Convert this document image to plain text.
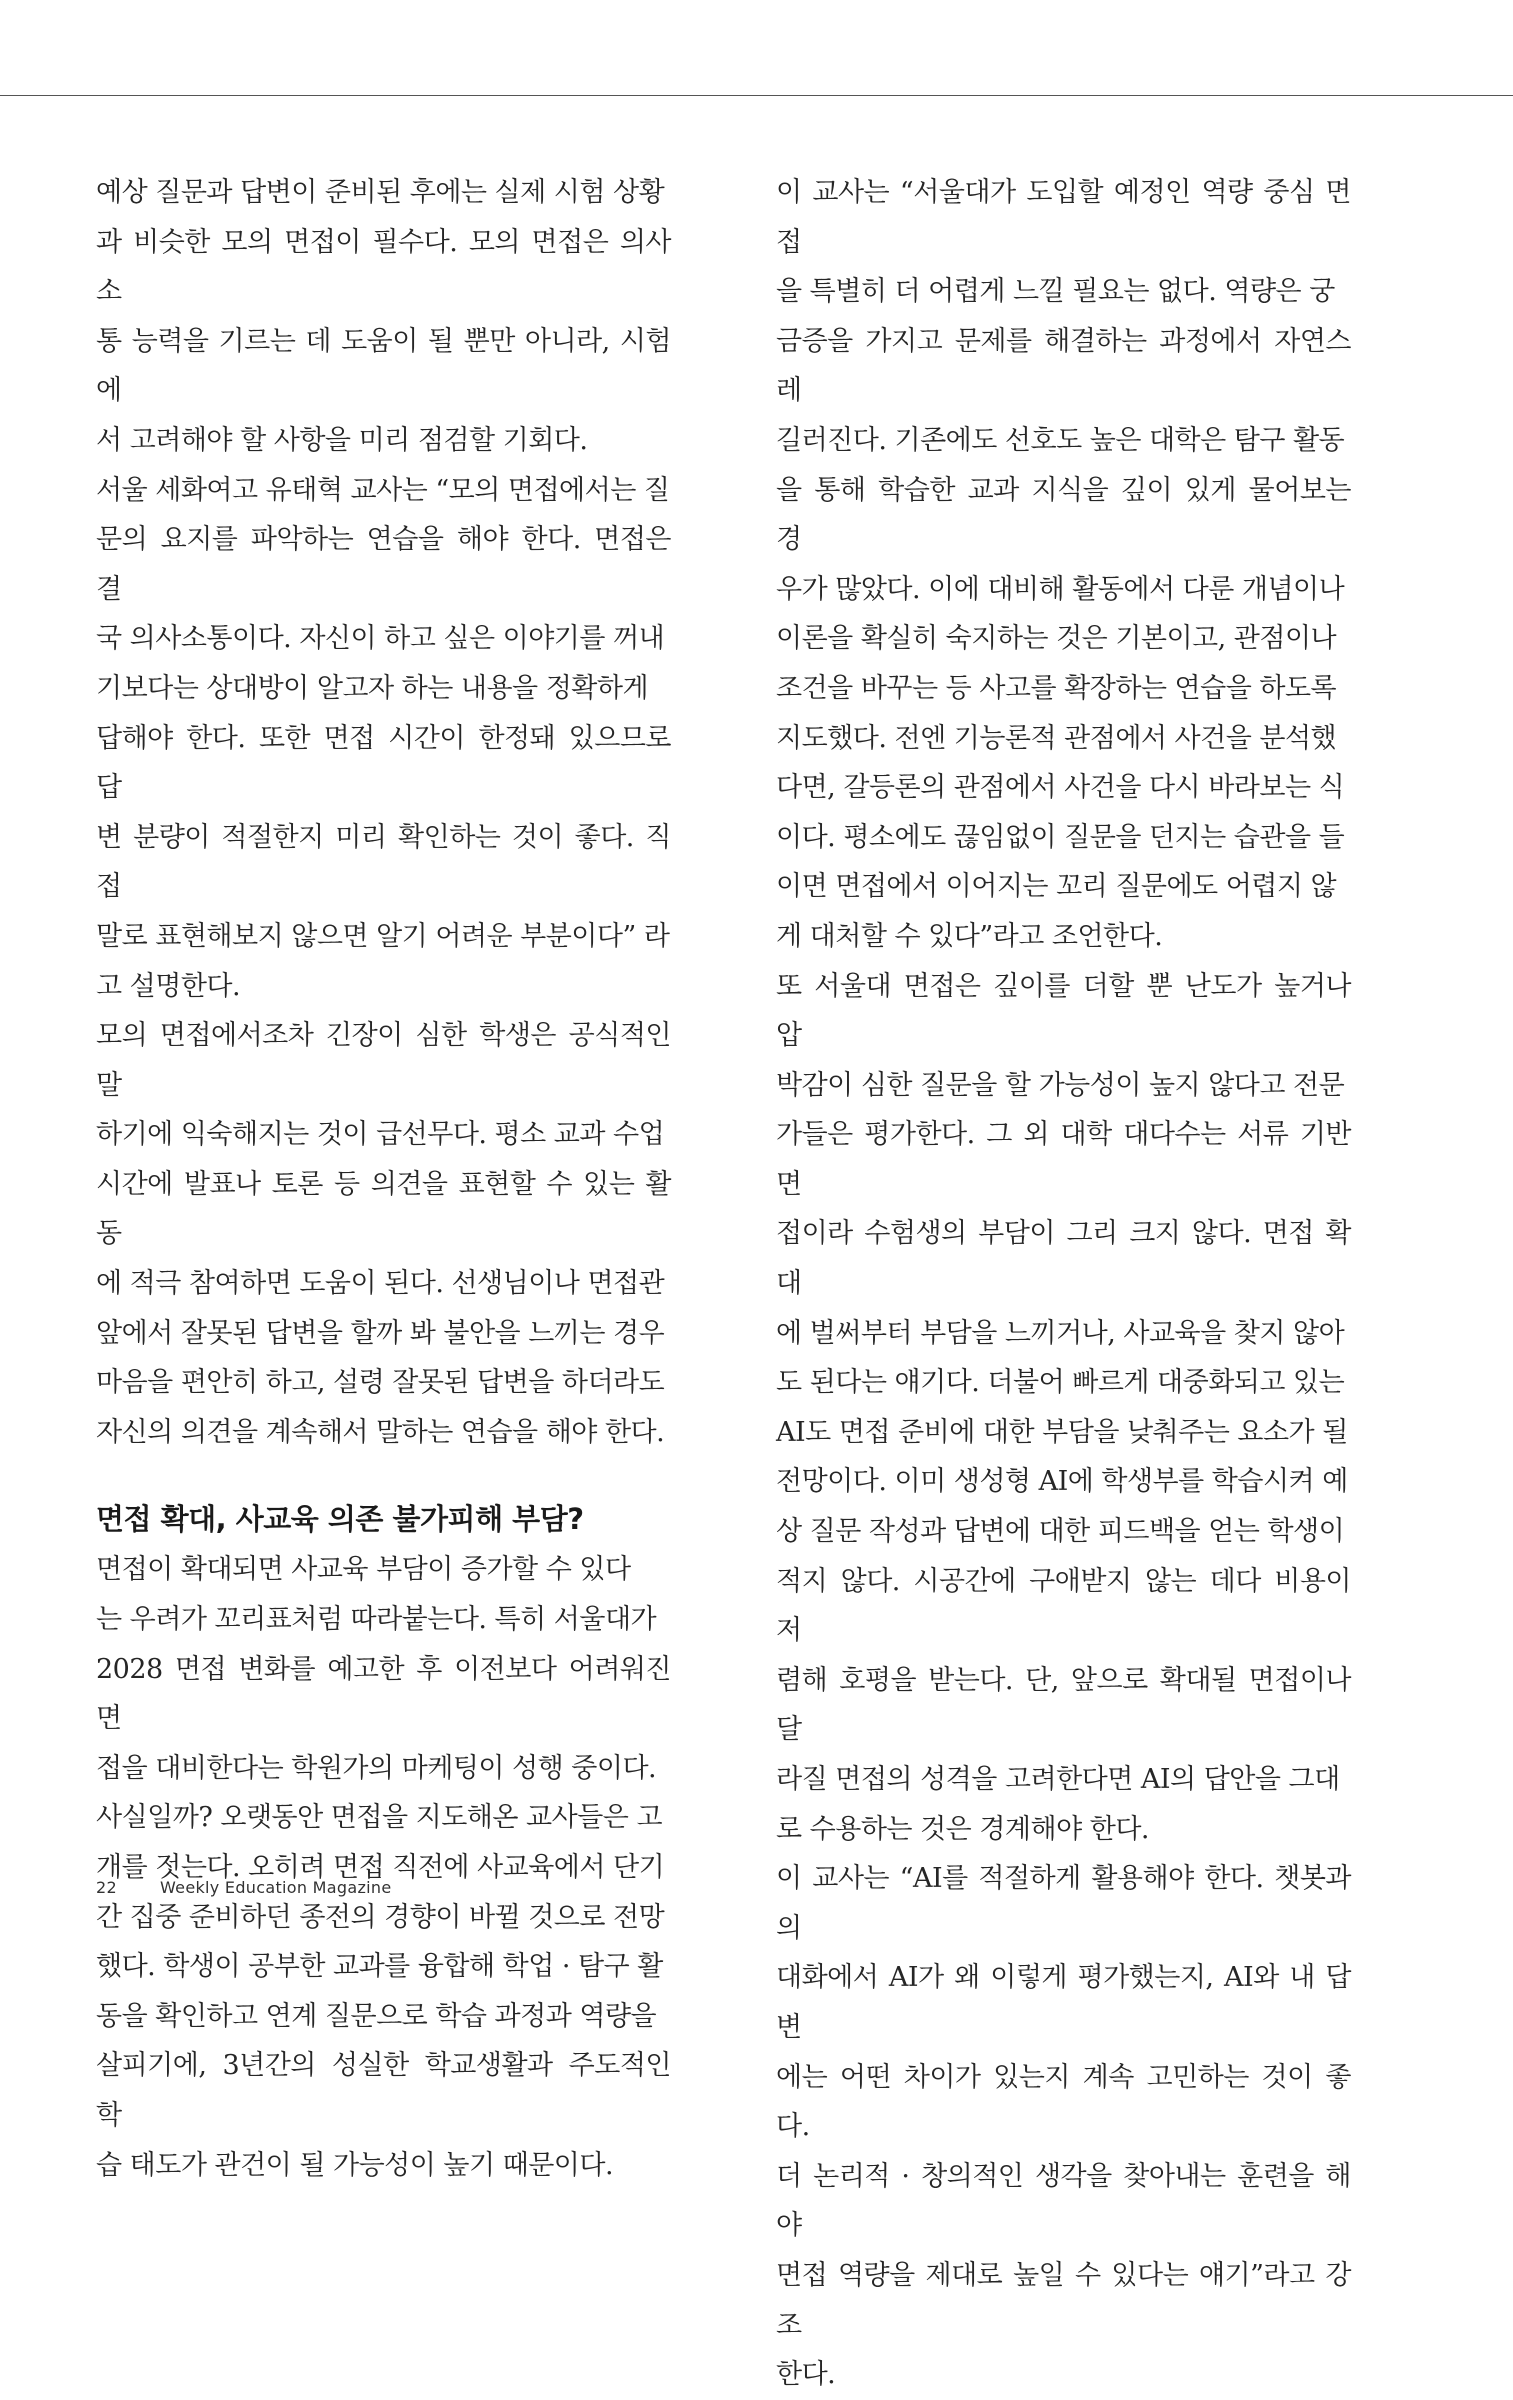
예상 질문과 답변이 준비된 후에는 실제 시험 상황
과 비슷한 모의 면접이 필수다. 모의 면접은 의사소
통 능력을 기르는 데 도움이 될 뿐만 아니라, 시험에
서 고려해야 할 사항을 미리 점검할 기회다.

서울 세화여고 유태혁 교사는 “모의 면접에서는 질
문의 요지를 파악하는 연습을 해야 한다. 면접은 결
국 의사소통이다. 자신이 하고 싶은 이야기를 꺼내
기보다는 상대방이 알고자 하는 내용을 정확하게
답해야 한다. 또한 면접 시간이 한정돼 있으므로 답
변 분량이 적절한지 미리 확인하는 것이 좋다. 직접
말로 표현해보지 않으면 알기 어려운 부분이다” 라
고 설명한다.

모의 면접에서조차 긴장이 심한 학생은 공식적인 말
하기에 익숙해지는 것이 급선무다. 평소 교과 수업
시간에 발표나 토론 등 의견을 표현할 수 있는 활동
에 적극 참여하면 도움이 된다. 선생님이나 면접관
앞에서 잘못된 답변을 할까 봐 불안을 느끼는 경우
마음을 편안히 하고, 설령 잘못된 답변을 하더라도
자신의 의견을 계속해서 말하는 연습을 해야 한다.

면접 확대, 사교육 의존 불가피해 부담?

면접이 확대되면 사교육 부담이 증가할 수 있다
는 우려가 꼬리표처럼 따라붙는다. 특히 서울대가
2028 면접 변화를 예고한 후 이전보다 어려워진 면
접을 대비한다는 학원가의 마케팅이 성행 중이다.
사실일까? 오랫동안 면접을 지도해온 교사들은 고
개를 젓는다. 오히려 면접 직전에 사교육에서 단기
간 집중 준비하던 종전의 경향이 바뀔 것으로 전망
했다. 학생이 공부한 교과를 융합해 학업 · 탐구 활
동을 확인하고 연계 질문으로 학습 과정과 역량을
살피기에, 3년간의 성실한 학교생활과 주도적인 학
습 태도가 관건이 될 가능성이 높기 때문이다.

이 교사는 “서울대가 도입할 예정인 역량 중심 면접
을 특별히 더 어렵게 느낄 필요는 없다. 역량은 궁
금증을 가지고 문제를 해결하는 과정에서 자연스레
길러진다. 기존에도 선호도 높은 대학은 탐구 활동
을 통해 학습한 교과 지식을 깊이 있게 물어보는 경
우가 많았다. 이에 대비해 활동에서 다룬 개념이나
이론을 확실히 숙지하는 것은 기본이고, 관점이나
조건을 바꾸는 등 사고를 확장하는 연습을 하도록
지도했다. 전엔 기능론적 관점에서 사건을 분석했
다면, 갈등론의 관점에서 사건을 다시 바라보는 식
이다. 평소에도 끊임없이 질문을 던지는 습관을 들
이면 면접에서 이어지는 꼬리 질문에도 어렵지 않
게 대처할 수 있다”라고 조언한다.

또 서울대 면접은 깊이를 더할 뿐 난도가 높거나 압
박감이 심한 질문을 할 가능성이 높지 않다고 전문
가들은 평가한다. 그 외 대학 대다수는 서류 기반 면
접이라 수험생의 부담이 그리 크지 않다. 면접 확대
에 벌써부터 부담을 느끼거나, 사교육을 찾지 않아
도 된다는 얘기다. 더불어 빠르게 대중화되고 있는
AI도 면접 준비에 대한 부담을 낮춰주는 요소가 될
전망이다. 이미 생성형 AI에 학생부를 학습시켜 예
상 질문 작성과 답변에 대한 피드백을 얻는 학생이
적지 않다. 시공간에 구애받지 않는 데다 비용이 저
렴해 호평을 받는다. 단, 앞으로 확대될 면접이나 달
라질 면접의 성격을 고려한다면 AI의 답안을 그대
로 수용하는 것은 경계해야 한다.

이 교사는 “AI를 적절하게 활용해야 한다. 챗봇과의
대화에서 AI가 왜 이렇게 평가했는지, AI와 내 답변
에는 어떤 차이가 있는지 계속 고민하는 것이 좋다.
더 논리적 · 창의적인 생각을 찾아내는 훈련을 해야
면접 역량을 제대로 높일 수 있다는 얘기”라고 강조
한다.

22	Weekly Education Magazine
